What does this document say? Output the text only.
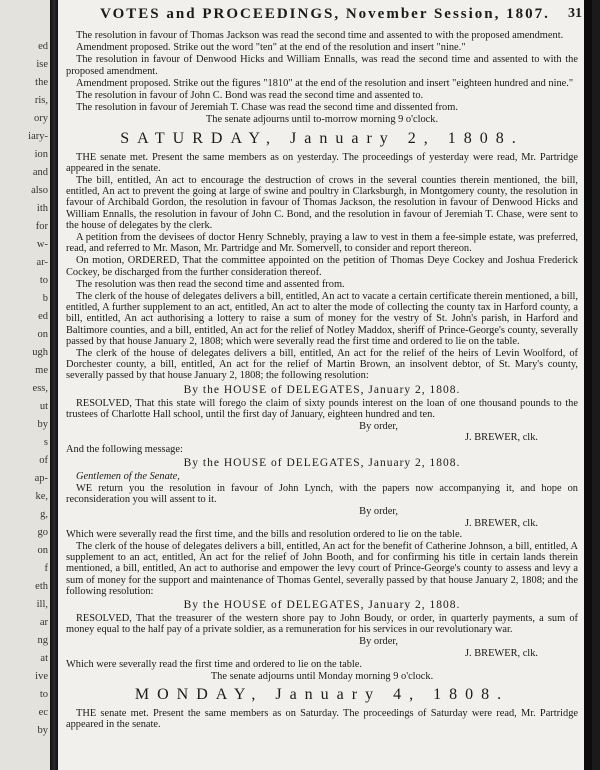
ed
ise
the
ris,
ory
iary-
ion
and
also
ith
for
w-
ar-
to
b
ed
on
ugh
me
ess,
ut
by
s
of
ap-
ke,
g,
go
on
f
eth
ill,
ar
ng
at
ive
to
ec
by
VOTES and PROCEEDINGS, November Session, 1807. 31

The resolution in favour of Thomas Jackson was read the second time and assented to with the proposed amendment.

Amendment proposed. Strike out the word "ten" at the end of the resolution and insert "nine."

The resolution in favour of Denwood Hicks and William Ennalls, was read the second time and assented to with the proposed amendment.

Amendment proposed. Strike out the figures "1810" at the end of the resolution and insert "eighteen hundred and nine."

The resolution in favour of John C. Bond was read the second time and assented to.

The resolution in favour of Jeremiah T. Chase was read the second time and dissented from.

The senate adjourns until to-morrow morning 9 o'clock.

SATURDAY, January 2, 1808.

THE senate met. Present the same members as on yesterday. The proceedings of yesterday were read, Mr. Partridge appeared in the senate.

The bill, entitled, An act to encourage the destruction of crows in the several counties therein mentioned, the bill, entitled, An act to prevent the going at large of swine and poultry in Clarksburgh, in Montgomery county, the resolution in favour of Archibald Gordon, the resolution in favour of Thomas Jackson, the resolution in favour of Denwood Hicks and William Ennalls, the resolution in favour of John C. Bond, and the resolution in favour of Jeremiah T. Chase, were sent to the house of delegates by the clerk.

A petition from the devisees of doctor Henry Schnebly, praying a law to vest in them a fee-simple estate, was preferred, read, and referred to Mr. Mason, Mr. Partridge and Mr. Somervell, to consider and report thereon.

On motion, ORDERED, That the committee appointed on the petition of Thomas Deye Cockey and Joshua Frederick Cockey, be discharged from the further consideration thereof.

The resolution was then read the second time and assented from.

The clerk of the house of delegates delivers a bill, entitled, An act to vacate a certain certificate therein mentioned, a bill, entitled, A further supplement to an act, entitled, An act to alter the mode of collecting the county tax in Harford county, a bill, entitled, An act authorising a lottery to raise a sum of money for the vestry of St. John's parish, in Harford and Baltimore counties, and a bill, entitled, An act for the relief of Notley Maddox, sheriff of Prince-George's county, severally passed by that house January 2, 1808; which were severally read the first time and ordered to lie on the table.

The clerk of the house of delegates delivers a bill, entitled, An act for the relief of the heirs of Levin Woolford, of Dorchester county, a bill, entitled, An act for the relief of Martin Brown, an insolvent debtor, of St. Mary's county, severally passed by that house January 2, 1808; the following resolution:

By the HOUSE of DELEGATES, January 2, 1808.

RESOLVED, That this state will forego the claim of sixty pounds interest on the loan of one thousand pounds to the trustees of Charlotte Hall school, until the first day of January, eighteen hundred and ten.

By order,
J. BREWER, clk.

And the following message:

By the HOUSE of DELEGATES, January 2, 1808.

Gentlemen of the Senate,

WE return you the resolution in favour of John Lynch, with the papers now accompanying it, and hope on reconsideration you will assent to it.

By order,
J. BREWER, clk.

Which were severally read the first time, and the bills and resolution ordered to lie on the table.

The clerk of the house of delegates delivers a bill, entitled, An act for the benefit of Catherine Johnson, a bill, entitled, A supplement to an act, entitled, An act for the relief of John Booth, and for confirming his title in certain lands therein mentioned, a bill, entitled, An act to authorise and empower the levy court of Prince-George's county to assess and levy a sum of money for the support and maintenance of Thomas Gentel, severally passed by that house January 2, 1808; and the following resolution:

By the HOUSE of DELEGATES, January 2, 1808.

RESOLVED, That the treasurer of the western shore pay to John Boudy, or order, in quarterly payments, a sum of money equal to the half pay of a private soldier, as a remuneration for his services in our revolutionary war.

By order,
J. BREWER, clk.

Which were severally read the first time and ordered to lie on the table.

The senate adjourns until Monday morning 9 o'clock.

MONDAY, January 4, 1808.

THE senate met. Present the same members as on Saturday. The proceedings of Saturday were read, Mr. Partridge appeared in the senate.
